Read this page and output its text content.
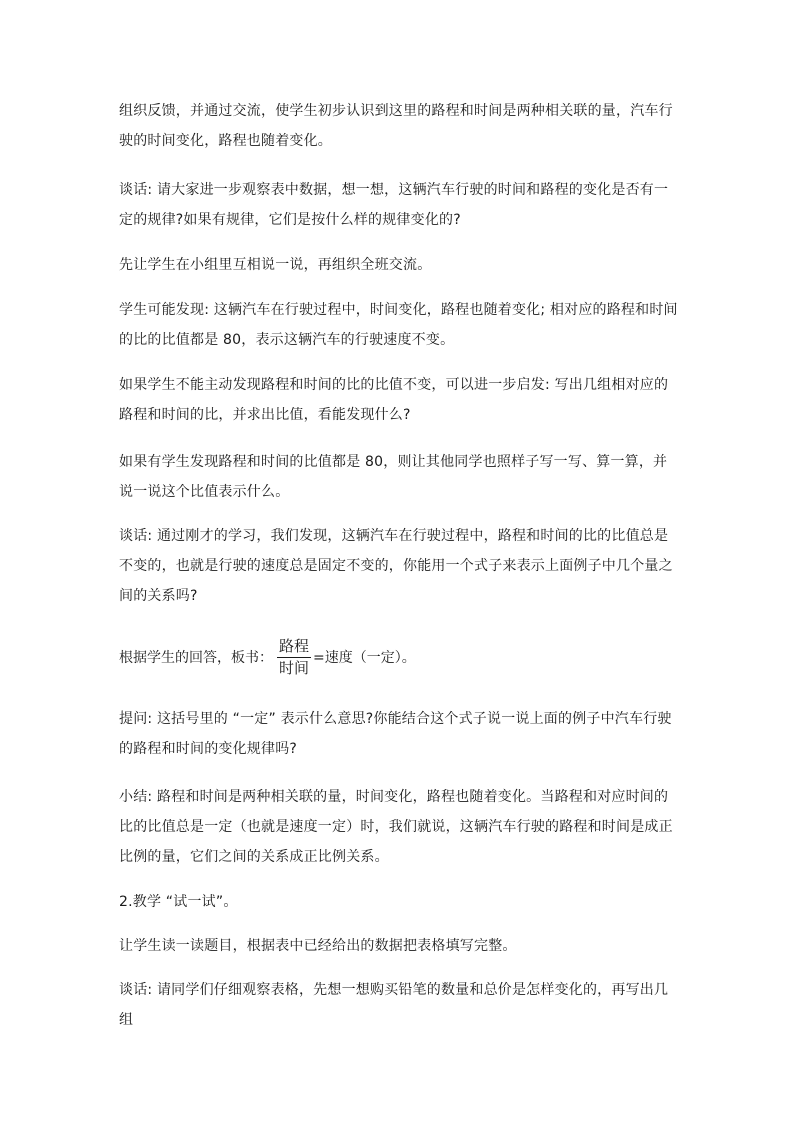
组织反馈，并通过交流，使学生初步认识到这里的路程和时间是两种相关联的量，汽车行驶的时间变化，路程也随着变化。

谈话: 请大家进一步观察表中数据，想一想，这辆汽车行驶的时间和路程的变化是否有一定的规律?如果有规律，它们是按什么样的规律变化的?

先让学生在小组里互相说一说，再组织全班交流。

学生可能发现: 这辆汽车在行驶过程中，时间变化，路程也随着变化; 相对应的路程和时间的比的比值都是 80，表示这辆汽车的行驶速度不变。

如果学生不能主动发现路程和时间的比的比值不变，可以进一步启发: 写出几组相对应的路程和时间的比，并求出比值，看能发现什么?

如果有学生发现路程和时间的比值都是 80，则让其他同学也照样子写一写、算一算，并说一说这个比值表示什么。

谈话: 通过刚才的学习，我们发现，这辆汽车在行驶过程中，路程和时间的比的比值总是不变的，也就是行驶的速度总是固定不变的，你能用一个式子来表示上面例子中几个量之间的关系吗?

根据学生的回答，板书： $\frac{\text{路程}}{\text{时间}}$ =速度（一定）。

提问: 这括号里的 “一定” 表示什么意思?你能结合这个式子说一说上面的例子中汽车行驶的路程和时间的变化规律吗?

小结: 路程和时间是两种相关联的量，时间变化，路程也随着变化。当路程和对应时间的比的比值总是一定（也就是速度一定）时，我们就说，这辆汽车行驶的路程和时间是成正比例的量，它们之间的关系成正比例关系。

2.教学 “试一试”。

让学生读一读题目，根据表中已经给出的数据把表格填写完整。

谈话: 请同学们仔细观察表格，先想一想购买铅笔的数量和总价是怎样变化的，再写出几组
